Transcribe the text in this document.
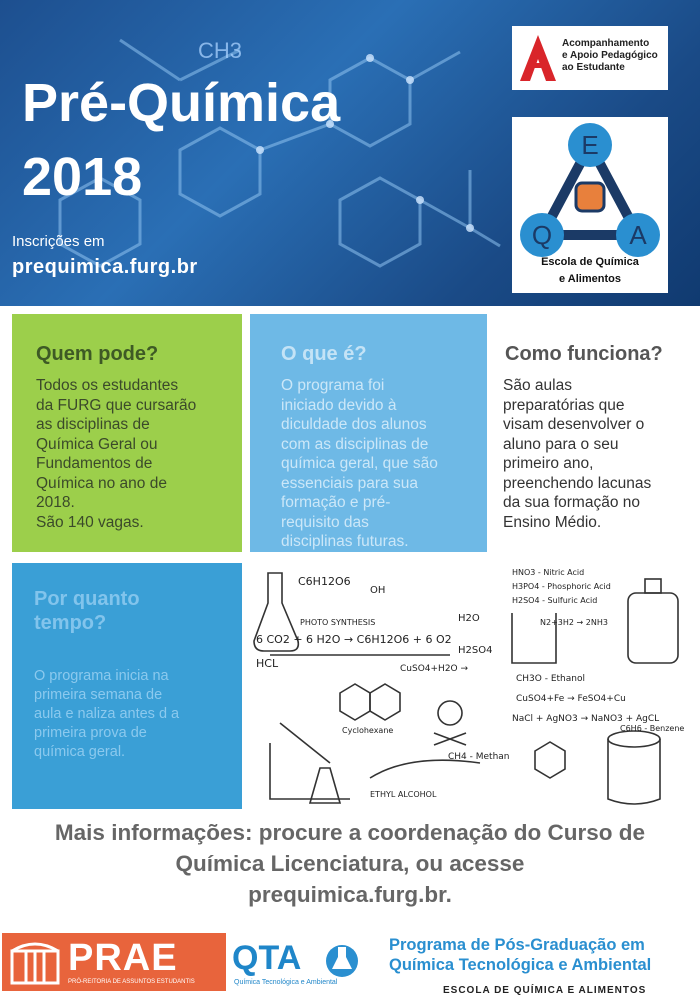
CH3
Pré-Química
2018
Inscrições em
prequimica.furg.br
Acompanhamento
e Apoio Pedagógico
ao Estudante
E
Q	A
Escola de Química
e Alimentos
Quem pode?
Todos os estudantes
da FURG que cursarão
as disciplinas de
Química Geral ou
Fundamentos de
Química no ano de
2018.
São 140 vagas.
O que é?
O programa foi
iniciado devido à
diculdade dos alunos
com as disciplinas de
química geral, que são
essenciais para sua
formação e pré-
requisito das
disciplinas futuras.
Como funciona?
São aulas
preparatórias que
visam desenvolver o
aluno para o seu
primeiro ano,
preenchendo lacunas
da sua formação no
Ensino Médio.
Por quanto
tempo?
O programa inicia na
primeira semana de
aula e naliza antes d a
primeira prova de
química geral.
C6H12O6
OH
H2O
HCL
H2SO4
HNO3 - Nitric Acid
H3PO4 - Phosphoric Acid
H2SO4 - Sulfuric Acid
N2+3H2 → 2NH3
6 CO2 + 6 H2O → C6H12O6 + 6 O2
PHOTO SYNTHESIS
CuSO4+H2O →
CH4 - Methan
CH3O - Ethanol
CuSO4+Fe → FeSO4+Cu
NaCl + AgNO3 → NaNO3 + AgCL
C6H6 - Benzene
ETHYL ALCOHOL
Cyclohexane
Mais informações: procure a coordenação do Curso de
Química Licenciatura, ou acesse
prequimica.furg.br.
PRAE
PRÓ-REITORIA DE ASSUNTOS ESTUDANTIS
QTA
Química Tecnológica e Ambiental
Programa de Pós-Graduação em
Química Tecnológica e Ambiental
ESCOLA DE QUÍMICA E ALIMENTOS
